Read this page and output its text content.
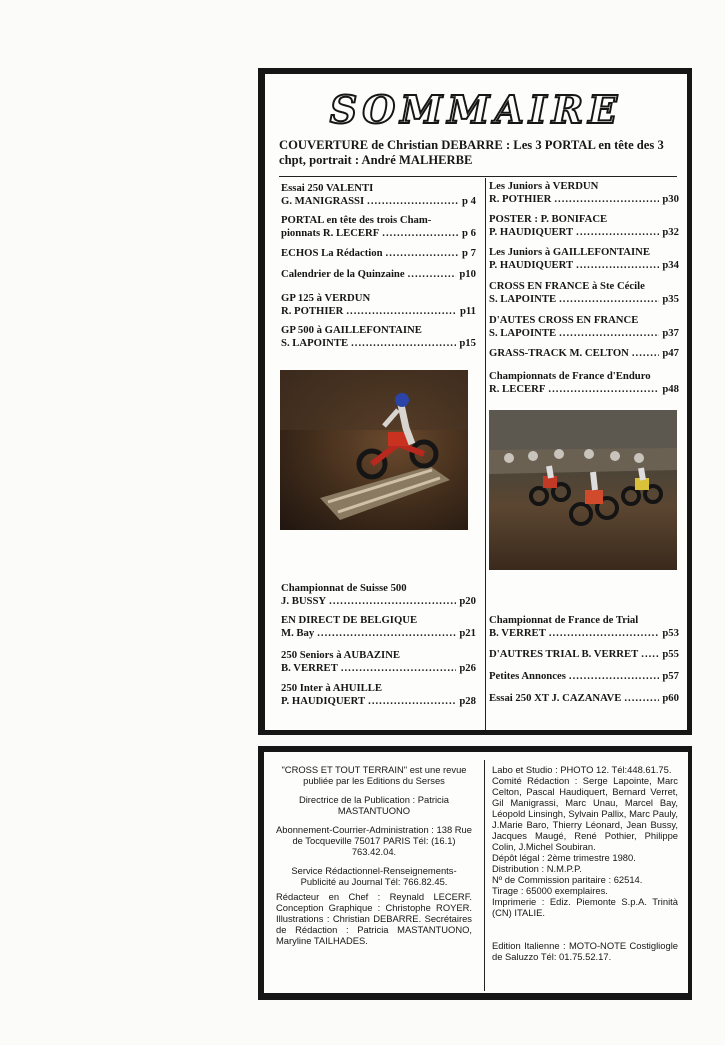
SOMMAIRE

COUVERTURE de Christian DEBARRE : Les 3 PORTAL en tête des 3 chpt, portrait : André MALHERBE

Essai 250 VALENTI
G. MANIGRASSI .....	p 4
PORTAL en tête des trois Cham-
pionnats R. LECERF .....	p 6
ECHOS La Rédaction .....	p 7
Calendrier de la Quinzaine .....	p10
GP 125 à VERDUN
R. POTHIER .....	p11
GP 500 à GAILLEFONTAINE
S. LAPOINTE .....	p15
Championnat de Suisse 500
J. BUSSY .....	p20
EN DIRECT DE BELGIQUE
M. Bay .....	p21
250 Seniors à AUBAZINE
B. VERRET .....	p26
250 Inter à AHUILLE
P. HAUDIQUERT .....	p28
Les Juniors à VERDUN
R. POTHIER .....	p30
POSTER : P. BONIFACE
P. HAUDIQUERT .....	p32
Les Juniors à GAILLEFONTAINE
P. HAUDIQUERT .....	p34
CROSS EN FRANCE à Ste Cécile
S. LAPOINTE .....	p35
D'AUTES CROSS EN FRANCE
S. LAPOINTE .....	p37
GRASS-TRACK M. CELTON .....	p47
Championnats de France d'Enduro
R. LECERF .....	p48
Championnat de France de Trial
B. VERRET .....	p53
D'AUTRES TRIAL B. VERRET ..... p55
Petites Annonces .....	p57
Essai 250 XT J. CAZANAVE .....	p60
"CROSS ET TOUT TERRAIN" est une revue publiée par les Editions du Serses
Directrice de la Publication : Patricia MASTANTUONO
Abonnement-Courrier-Administration : 138 Rue de Tocqueville 75017 PARIS Tél: (16.1) 763.42.04.
Service Rédactionnel-Renseignements-Publicité au Journal Tél: 766.82.45.
Rédacteur en Chef : Reynald LECERF. Conception Graphique : Christophe ROYER. Illustrations : Christian DEBARRE. Secrétaires de Rédaction : Patricia MASTANTUONO, Maryline TAILHADES.
Labo et Studio : PHOTO 12. Tél:448.61.75.
Comité Rédaction : Serge Lapointe, Marc Celton, Pascal Haudiquert, Bernard Verret, Gil Manigrassi, Marc Unau, Marcel Bay, Léopold Linsingh, Sylvain Pallix, Marc Pauly, J.Marie Baro, Thierry Léonard, Jean Bussy, Jacques Maugé, René Pothier, Philippe Colin, J.Michel Soubiran.
Dépôt légal : 2ème trimestre 1980.
Distribution : N.M.P.P.
Nº de Commission paritaire : 62514.
Tirage : 65000 exemplaires.
Imprimerie : Ediz. Piemonte S.p.A. Trinità (CN) ITALIE.
Edition Italienne : MOTO-NOTE Costigliogle de Saluzzo Tél: 01.75.52.17.
